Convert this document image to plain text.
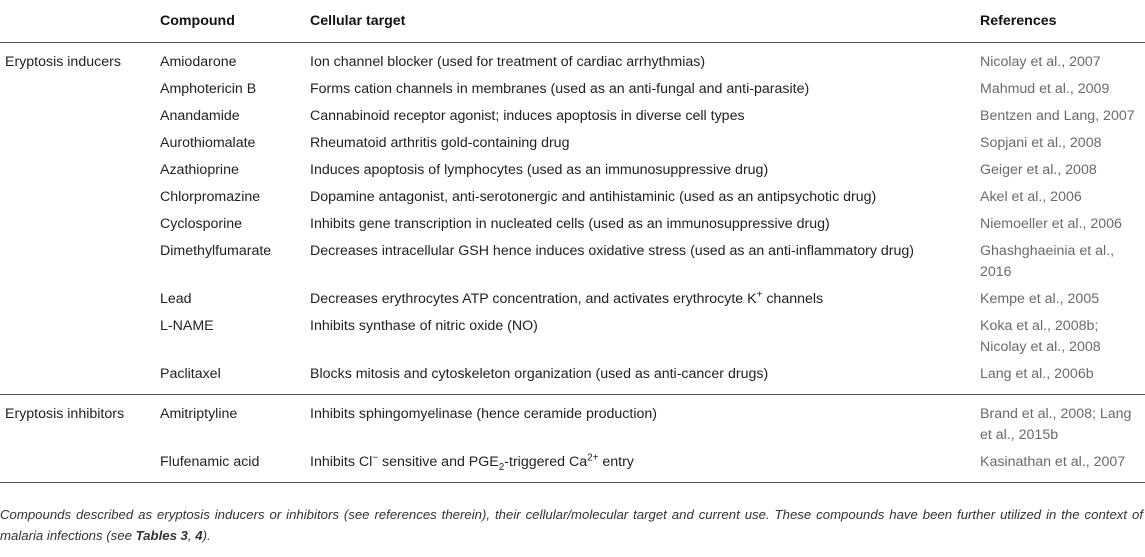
	Compound	Cellular target	References
Eryptosis inducers	Amiodarone	Ion channel blocker (used for treatment of cardiac arrhythmias)	Nicolay et al., 2007
	Amphotericin B	Forms cation channels in membranes (used as an anti-fungal and anti-parasite)	Mahmud et al., 2009
	Anandamide	Cannabinoid receptor agonist; induces apoptosis in diverse cell types	Bentzen and Lang, 2007
	Aurothiomalate	Rheumatoid arthritis gold-containing drug	Sopjani et al., 2008
	Azathioprine	Induces apoptosis of lymphocytes (used as an immunosuppressive drug)	Geiger et al., 2008
	Chlorpromazine	Dopamine antagonist, anti-serotonergic and antihistaminic (used as an antipsychotic drug)	Akel et al., 2006
	Cyclosporine	Inhibits gene transcription in nucleated cells (used as an immunosuppressive drug)	Niemoeller et al., 2006
	Dimethylfumarate	Decreases intracellular GSH hence induces oxidative stress (used as an anti-inflammatory drug)	Ghashghaeinia et al., 2016
	Lead	Decreases erythrocytes ATP concentration, and activates erythrocyte K+ channels	Kempe et al., 2005
	L-NAME	Inhibits synthase of nitric oxide (NO)	Koka et al., 2008b; Nicolay et al., 2008
	Paclitaxel	Blocks mitosis and cytoskeleton organization (used as anti-cancer drugs)	Lang et al., 2006b
Eryptosis inhibitors	Amitriptyline	Inhibits sphingomyelinase (hence ceramide production)	Brand et al., 2008; Lang et al., 2015b
	Flufenamic acid	Inhibits Cl− sensitive and $PGE_2$-triggered $Ca^{2+}$ entry	Kasinathan et al., 2007
Compounds described as eryptosis inducers or inhibitors (see references therein), their cellular/molecular target and current use. These compounds have been further utilized in the context of malaria infections (see Tables 3, 4).
